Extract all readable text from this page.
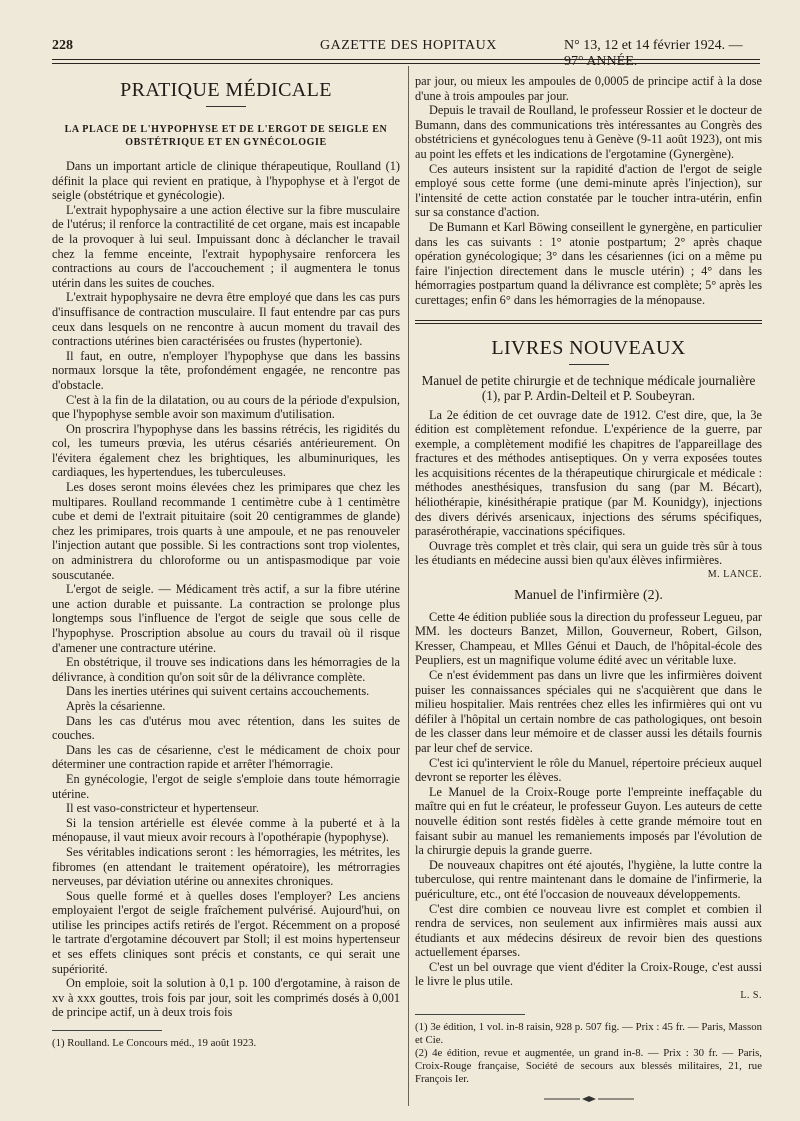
228	GAZETTE DES HOPITAUX	N° 13, 12 et 14 février 1924. — 97° ANNÉE.
PRATIQUE MÉDICALE
LA PLACE DE L'HYPOPHYSE ET DE L'ERGOT DE SEIGLE EN OBSTÉTRIQUE ET EN GYNÉCOLOGIE

Dans un important article de clinique thérapeutique, Roulland (1) définit la place qui revient en pratique, à l'hypophyse et à l'ergot de seigle (obstétrique et gynécologie).

L'extrait hypophysaire a une action élective sur la fibre musculaire de l'utérus; il renforce la contractilité de cet organe, mais est incapable de la provoquer à lui seul. Impuissant donc à déclancher le travail chez la femme enceinte, l'extrait hypophysaire renforcera les contractions au cours de l'accouchement ; il augmentera le tonus utérin dans les suites de couches.

L'extrait hypophysaire ne devra être employé que dans les cas purs d'insuffisance de contraction musculaire. Il faut entendre par cas purs ceux dans lesquels on ne rencontre à aucun moment du travail des contractions utérines bien caractérisées ou frustes (hypertonie).

Il faut, en outre, n'employer l'hypophyse que dans les bassins normaux lorsque la tête, profondément engagée, ne rencontre pas d'obstacle.

C'est à la fin de la dilatation, ou au cours de la période d'expulsion, que l'hypophyse semble avoir son maximum d'utilisation.

On proscrira l'hypophyse dans les bassins rétrécis, les rigidités du col, les tumeurs prœvia, les utérus césariés antérieurement. On l'évitera également chez les brightiques, les albuminuriques, les cardiaques, les hypertendues, les tuberculeuses.

Les doses seront moins élevées chez les primipares que chez les multipares. Roulland recommande 1 centimètre cube à 1 centimètre cube et demi de l'extrait pituitaire (soit 20 centigrammes de glande) chez les primipares, trois quarts à une ampoule, et ne pas renouveler l'injection autant que possible. Si les contractions sont trop violentes, on administrera du chloroforme ou un antispasmodique par voie souscutanée.

L'ergot de seigle. — Médicament très actif, a sur la fibre utérine une action durable et puissante. La contraction se prolonge plus longtemps sous l'influence de l'ergot de seigle que sous celle de l'hypophyse. Proscription absolue au cours du travail où il risque d'amener une contracture utérine.

En obstétrique, il trouve ses indications dans les hémorragies de la délivrance, à condition qu'on soit sûr de la délivrance complète.

Dans les inerties utérines qui suivent certains accouchements.

Après la césarienne.

Dans les cas d'utérus mou avec rétention, dans les suites de couches.

Dans les cas de césarienne, c'est le médicament de choix pour déterminer une contraction rapide et arrêter l'hémorragie.

En gynécologie, l'ergot de seigle s'emploie dans toute hémorragie utérine.

Il est vaso-constricteur et hypertenseur.

Si la tension artérielle est élevée comme à la puberté et à la ménopause, il vaut mieux avoir recours à l'opothérapie (hypophyse).

Ses véritables indications seront : les hémorragies, les métrites, les fibromes (en attendant le traitement opératoire), les métrorragies nerveuses, par déviation utérine ou annexites chroniques.

Sous quelle formé et à quelles doses l'employer? Les anciens employaient l'ergot de seigle fraîchement pulvérisé. Aujourd'hui, on utilise les principes actifs retirés de l'ergot. Récemment on a proposé le tartrate d'ergotamine découvert par Stoll; il est moins hypertenseur et ses effets cliniques sont précis et constants, ce qui serait une supériorité.

On emploie, soit la solution à 0,1 p. 100 d'ergotamine, à raison de xv à xxx gouttes, trois fois par jour, soit les comprimés dosés à 0,001 de principe actif, un à deux trois fois

(1) Roulland. Le Concours méd., 19 août 1923.

par jour, ou mieux les ampoules de 0,0005 de principe actif à la dose d'une à trois ampoules par jour.

Depuis le travail de Roulland, le professeur Rossier et le docteur de Bumann, dans des communications très intéressantes au Congrès des obstétriciens et gynécologues tenu à Genève (9-11 août 1923), ont mis au point les effets et les indications de l'ergotamine (Gynergène).

Ces auteurs insistent sur la rapidité d'action de l'ergot de seigle employé sous cette forme (une demi-minute après l'injection), sur l'intensité de cette action constatée par le toucher intra-utérin, enfin sur sa constance d'action.

De Bumann et Karl Böwing conseillent le gynergène, en particulier dans les cas suivants : 1° atonie postpartum; 2° après chaque opération gynécologique; 3° dans les césariennes (ici on a même pu faire l'injection directement dans le muscle utérin) ; 4° dans les hémorragies postpartum quand la délivrance est complète; 5° après les curettages; enfin 6° dans les hémorragies de la ménopause.

LIVRES NOUVEAUX
Manuel de petite chirurgie et de technique médicale journalière (1), par P. Ardin-Delteil et P. Soubeyran.

La 2e édition de cet ouvrage date de 1912. C'est dire, que, la 3e édition est complètement refondue. L'expérience de la guerre, par exemple, a complètement modifié les chapitres de l'appareillage des fractures et des méthodes antiseptiques. On y verra exposées toutes les acquisitions récentes de la thérapeutique chirurgicale et médicale : méthodes anesthésiques, transfusion du sang (par M. Bécart), héliothérapie, kinésithérapie pratique (par M. Kounidgy), injections des divers dérivés arsenicaux, injections des sérums spécifiques, parasérothérapie, vaccinations spécifiques.

Ouvrage très complet et très clair, qui sera un guide très sûr à tous les étudiants en médecine aussi bien qu'aux élèves infirmières.

M. LANCE.
Manuel de l'infirmière (2).

Cette 4e édition publiée sous la direction du professeur Legueu, par MM. les docteurs Banzet, Millon, Gouverneur, Robert, Gilson, Kresser, Champeau, et Mlles Génui et Dauch, de l'hôpital-école des Peupliers, est un magnifique volume édité avec un véritable luxe.

Ce n'est évidemment pas dans un livre que les infirmières doivent puiser les connaissances spéciales qui ne s'acquièrent que dans le milieu hospitalier. Mais rentrées chez elles les infirmières qui ont vu défiler à l'hôpital un certain nombre de cas pathologiques, ont besoin de les classer dans leur mémoire et de classer aussi les détails fournis par leur chef de service.

C'est ici qu'intervient le rôle du Manuel, répertoire précieux auquel devront se reporter les élèves.

Le Manuel de la Croix-Rouge porte l'empreinte ineffaçable du maître qui en fut le créateur, le professeur Guyon. Les auteurs de cette nouvelle édition sont restés fidèles à cette grande mémoire tout en faisant subir au manuel les remaniements imposés par l'évolution de la chirurgie depuis la grande guerre.

De nouveaux chapitres ont été ajoutés, l'hygiène, la lutte contre la tuberculose, qui rentre maintenant dans le domaine de l'infirmerie, la puériculture, etc., ont été l'occasion de nouveaux développements.

C'est dire combien ce nouveau livre est complet et combien il rendra de services, non seulement aux infirmières mais aussi aux étudiants et aux médecins désireux de revoir bien des questions actuellement éparses.

C'est un bel ouvrage que vient d'éditer la Croix-Rouge, c'est aussi le livre le plus utile.

L. S.
(1) 3e édition, 1 vol. in-8 raisin, 928 p. 507 fig. — Prix : 45 fr. — Paris, Masson et Cie.
(2) 4e édition, revue et augmentée, un grand in-8. — Prix : 30 fr. — Paris, Croix-Rouge française, Société de secours aux blessés militaires, 21, rue François Ier.
